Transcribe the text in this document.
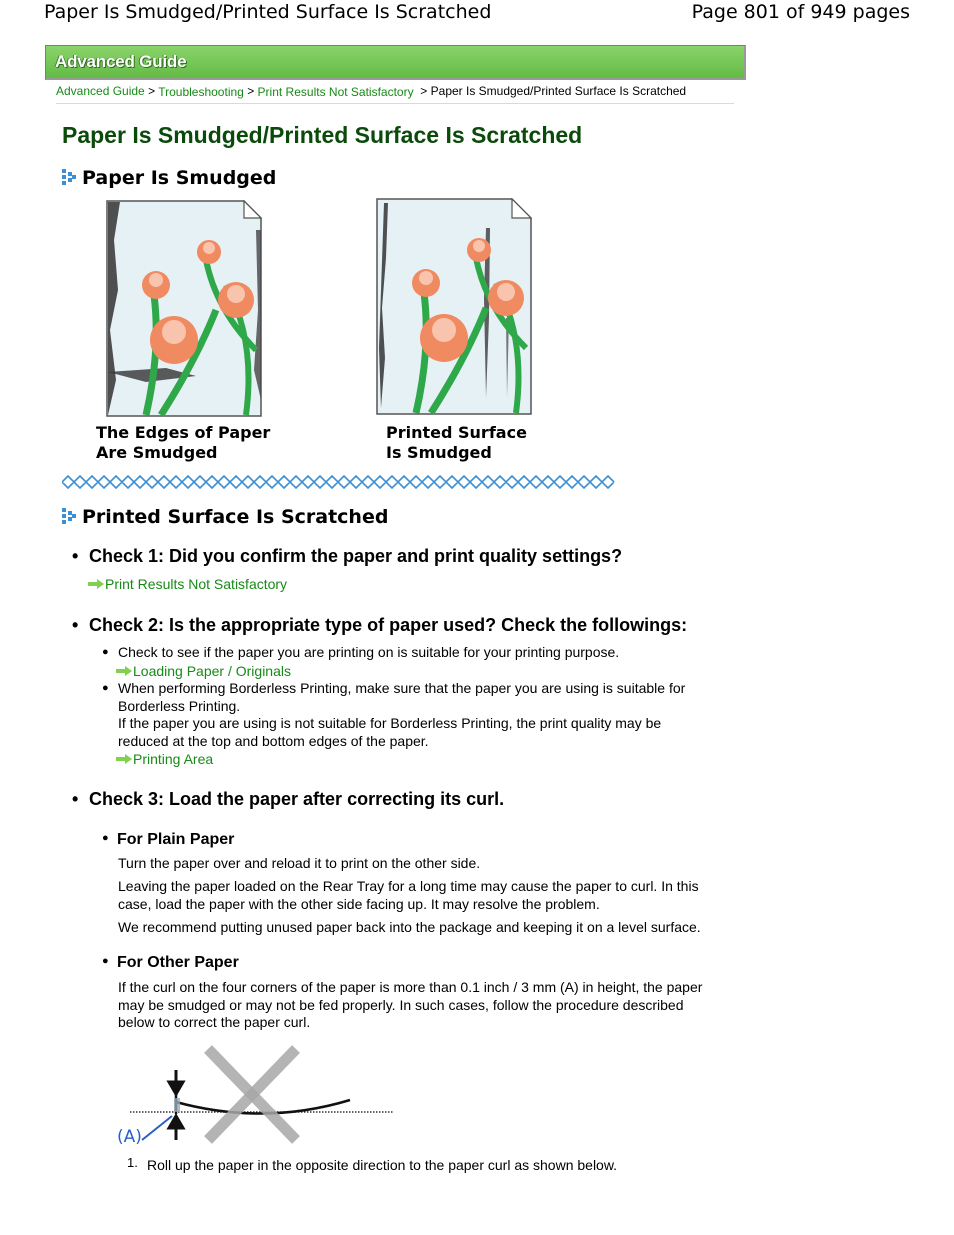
Paper Is Smudged/Printed Surface Is Scratched	Page 801 of 949 pages
Advanced Guide
Advanced Guide > Troubleshooting > Print Results Not Satisfactory > Paper Is Smudged/Printed Surface Is Scratched
Paper Is Smudged/Printed Surface Is Scratched
Paper Is Smudged
The Edges of Paper
Are Smudged
Printed Surface
Is Smudged
Printed Surface Is Scratched
• Check 1: Did you confirm the paper and print quality settings?
Print Results Not Satisfactory
• Check 2: Is the appropriate type of paper used? Check the followings:
● Check to see if the paper you are printing on is suitable for your printing purpose.
Loading Paper / Originals
● When performing Borderless Printing, make sure that the paper you are using is suitable for
Borderless Printing.
If the paper you are using is not suitable for Borderless Printing, the print quality may be
reduced at the top and bottom edges of the paper.
Printing Area
• Check 3: Load the paper after correcting its curl.
● For Plain Paper
Turn the paper over and reload it to print on the other side.
Leaving the paper loaded on the Rear Tray for a long time may cause the paper to curl. In this
case, load the paper with the other side facing up. It may resolve the problem.
We recommend putting unused paper back into the package and keeping it on a level surface.
● For Other Paper
If the curl on the four corners of the paper is more than 0.1 inch / 3 mm (A) in height, the paper
may be smudged or may not be fed properly. In such cases, follow the procedure described
below to correct the paper curl.
(A)
1. Roll up the paper in the opposite direction to the paper curl as shown below.
